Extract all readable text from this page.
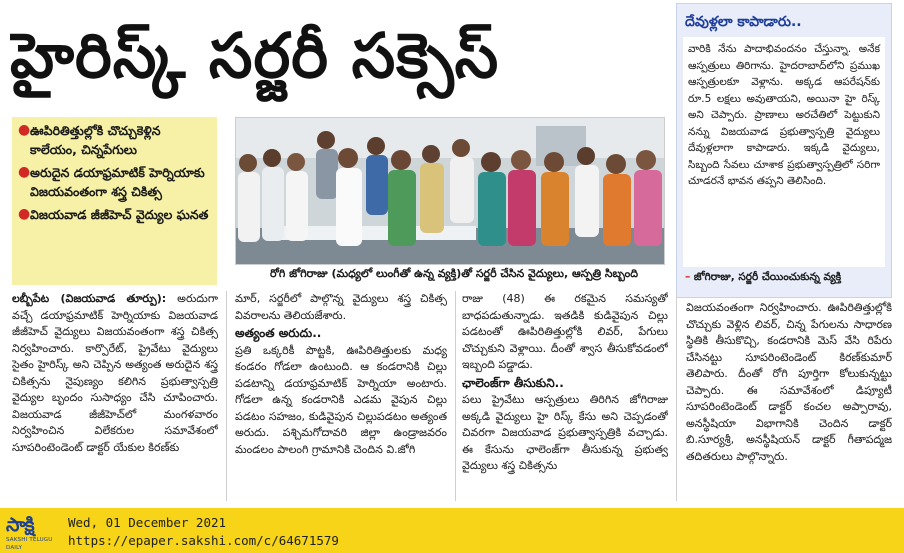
హైరిస్క్ సర్జరీ సక్సెస్
● ఊపిరితిత్తుల్లోకి చొచ్చుకెళ్లిన కాలేయం, చిన్నపేగులు
● అరుదైన డయాఫ్రమాటిక్ హెర్నియాకు విజయవంతంగా శస్త్ర చికిత్స
● విజయవాడ జీజీహెచ్ వైద్యుల ఘనత
రోగి జోగిరాజు (మధ్యలో లుంగీతో ఉన్న వ్యక్తి)తో సర్జరీ చేసిన వైద్యులు, ఆస్పత్రి సిబ్బంది
దేవుళ్లలా కాపాడారు..
వారికి నేను పాదాభివందనం చేస్తున్నా. అనేక ఆస్పత్రులు తిరిగాను. హైదరాబాద్‌లోని ప్రముఖ ఆస్పత్రులకూ వెళ్లాను. అక్కడ ఆపరేషన్‌కు రూ.5 లక్షలు అవుతాయని, అయినా హై రిస్క్ అని చెప్పారు. ప్రాణాలు అరచేతిలో పెట్టుకుని నన్ను విజయవాడ ప్రభుత్వాస్పత్రి వైద్యులు దేవుళ్లలాగా కాపాడారు. ఇక్కడి వైద్యులు, సిబ్బంది సేవలు చూశాక ప్రభుత్వాస్పత్రిలో సరిగా చూడరనే భావన తప్పని తెలిసింది.
– జోగిరాజు, సర్జరీ చేయించుకున్న వ్యక్తి

లబ్బీపేట (విజయవాడ తూర్పు): అరుదుగా వచ్చే డయాఫ్రమాటిక్ హెర్నియాకు విజయవాడ జీజీహెచ్ వైద్యులు విజయవంతంగా శస్త్ర చికిత్స నిర్వహించారు. కార్పొరేట్, ప్రైవేటు వైద్యులు సైతం హైరిస్క్ అని చెప్పిన అత్యంత అరుదైన శస్త్ర చికిత్సను నైపుణ్యం కలిగిన ప్రభుత్వాస్పత్రి వైద్యుల బృందం సుసాధ్యం చేసి చూపించారు. విజయవాడ జీజీహెచ్‌లో మంగళవారం నిర్వహించిన విలేకరుల సమావేశంలో సూపరింటెండెంట్ డాక్టర్ యేకుల కిరణ్‌కు

మార్, సర్జరీలో పాల్గొన్న వైద్యులు శస్త్ర చికిత్స వివరాలను తెలియజేశారు.

అత్యంత అరుదు..

ప్రతి ఒక్కరికీ పొట్టకి, ఊపిరితిత్తులకు మధ్య కండరం గోడలా ఉంటుంది. ఆ కండరానికి చిల్లు పడటాన్ని డయాఫ్రమాటిక్ హెర్నియా అంటారు. గోడలా ఉన్న కండరానికి ఎడమ వైపున చిల్లు పడటం సహజం, కుడివైపున చిల్లుపడటం అత్యంత అరుదు. పశ్చిమగోదావరి జిల్లా ఉండ్రాజవరం మండలం పాలంగి గ్రామానికి చెందిన వి.జోగి

రాజు (48) ఈ రకమైన సమస్యతో బాధపడుతున్నాడు. ఇతడికి కుడివైపున చిల్లు పడటంతో ఊపిరితిత్తుల్లోకి లివర్, పేగులు చొచ్చుకుని వెళ్లాయి. దీంతో శ్వాస తీసుకోవడంలో ఇబ్బంది పడ్డాడు.

ఛాలెంజ్‌గా తీసుకుని..

పలు ప్రైవేటు ఆస్పత్రులు తిరిగిన జోగిరాజు అక్కడి వైద్యులు హై రిస్క్ కేసు అని చెప్పడంతో చివరగా విజయవాడ ప్రభుత్వాస్పత్రికి వచ్చాడు. ఈ కేసును ఛాలెంజ్‌గా తీసుకున్న ప్రభుత్వ వైద్యులు శస్త్ర చికిత్సను

విజయవంతంగా నిర్వహించారు. ఊపిరితిత్తుల్లోకి చొచ్చుకు వెళ్లిన లివర్, చిన్న పేగులను సాధారణ స్థితికి తీసుకొచ్చి, కండరానికి మెస్ వేసి రిపేరు చేసినట్టు సూపరింటెండెంట్ కిరణ్‌కుమార్ తెలిపారు. దీంతో రోగి పూర్తిగా కోలుకున్నట్టు చెప్పారు. ఈ సమావేశంలో డిప్యూటీ సూపరింటెండెంట్ డాక్టర్ కంచల అప్పారావు, అనస్థీషియా విభాగానికి చెందిన డాక్టర్ బి.సూర్యశ్రీ, అనస్థీషియన్ డాక్టర్ గీతాపద్మజ తదితరులు పాల్గొన్నారు.

సాక్షి
SAKSHI TELUGU DAILY
Wed, 01 December 2021
https://epaper.sakshi.com/c/64671579
